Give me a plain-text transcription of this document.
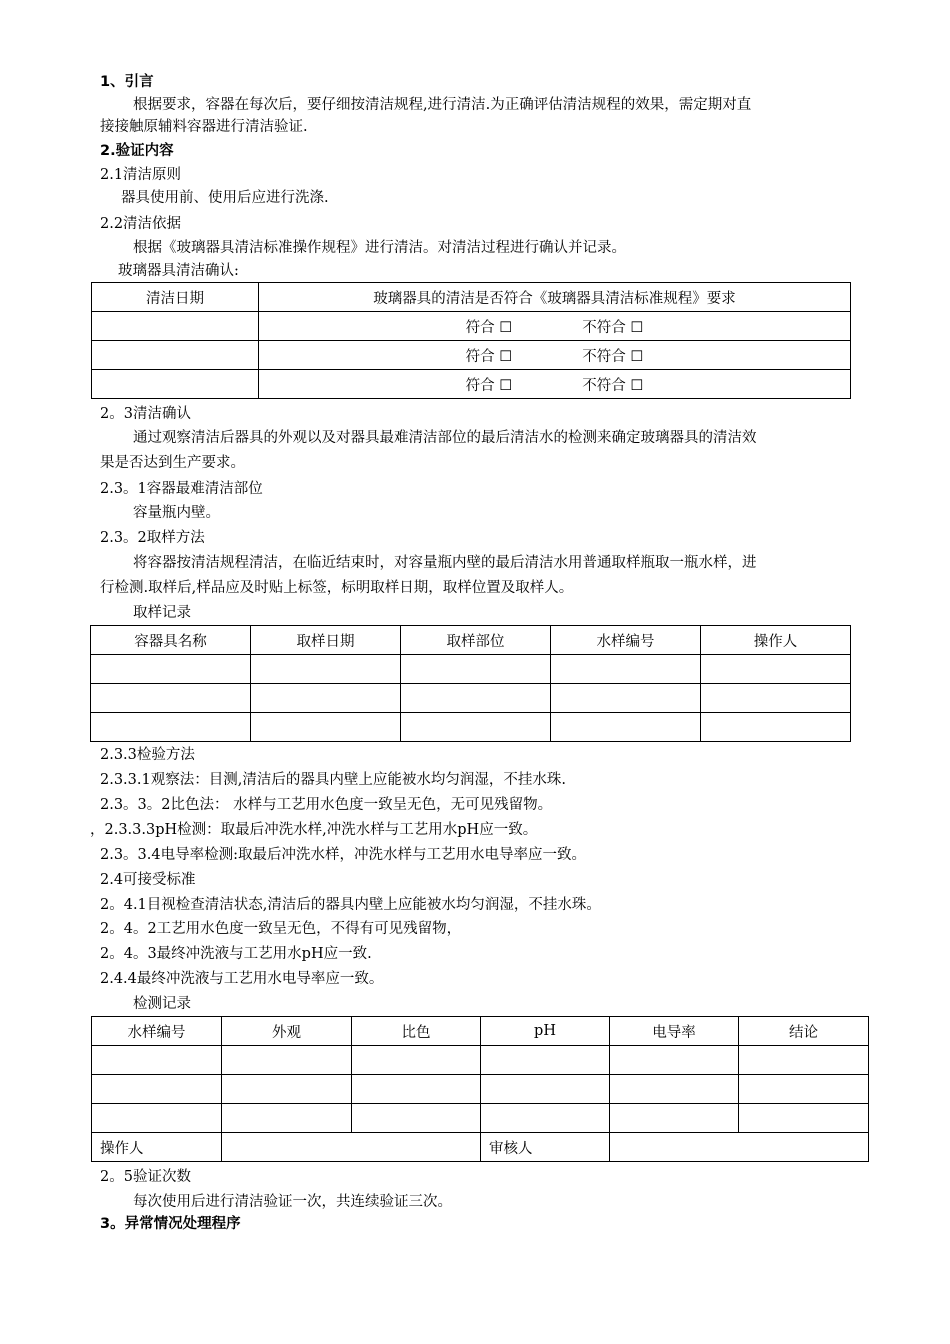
1、引言
根据要求，容器在每次后，要仔细按清洁规程,进行清洁.为正确评估清洁规程的效果，需定期对直
接接触原辅料容器进行清洁验证.
2.验证内容
2.1清洁原则
器具使用前、使用后应进行洗涤.
2.2清洁依据
根据《玻璃器具清洁标准操作规程》进行清洁。对清洁过程进行确认并记录。
玻璃器具清洁确认:
清洁日期	玻璃器具的清洁是否符合《玻璃器具清洁标准规程》要求
	符合 ☐ 不符合 ☐
	符合 ☐ 不符合 ☐
	符合 ☐ 不符合 ☐
2。3清洁确认
通过观察清洁后器具的外观以及对器具最难清洁部位的最后清洁水的检测来确定玻璃器具的清洁效
果是否达到生产要求。
2.3。1容器最难清洁部位
容量瓶内壁。
2.3。2取样方法
将容器按清洁规程清洁，在临近结束时，对容量瓶内壁的最后清洁水用普通取样瓶取一瓶水样，进
行检测.取样后,样品应及时贴上标签，标明取样日期，取样位置及取样人。
取样记录
容器具名称	取样日期	取样部位	水样编号	操作人

2.3.3检验方法
2.3.3.1观察法：目测,清洁后的器具内壁上应能被水均匀润湿，不挂水珠.
2.3。3。2比色法： 水样与工艺用水色度一致呈无色，无可见残留物。
，2.3.3.3pH检测：取最后冲洗水样,冲洗水样与工艺用水pH应一致。
2.3。3.4电导率检测:取最后冲洗水样，冲洗水样与工艺用水电导率应一致。
2.4可接受标准
2。4.1目视检查清洁状态,清洁后的器具内壁上应能被水均匀润湿，不挂水珠。
2。4。2工艺用水色度一致呈无色，不得有可见残留物，
2。4。3最终冲洗液与工艺用水pH应一致.
2.4.4最终冲洗液与工艺用水电导率应一致。
检测记录
水样编号	外观	比色	pH	电导率	结论

操作人			审核人		
2。5验证次数
每次使用后进行清洁验证一次，共连续验证三次。
3。异常情况处理程序
